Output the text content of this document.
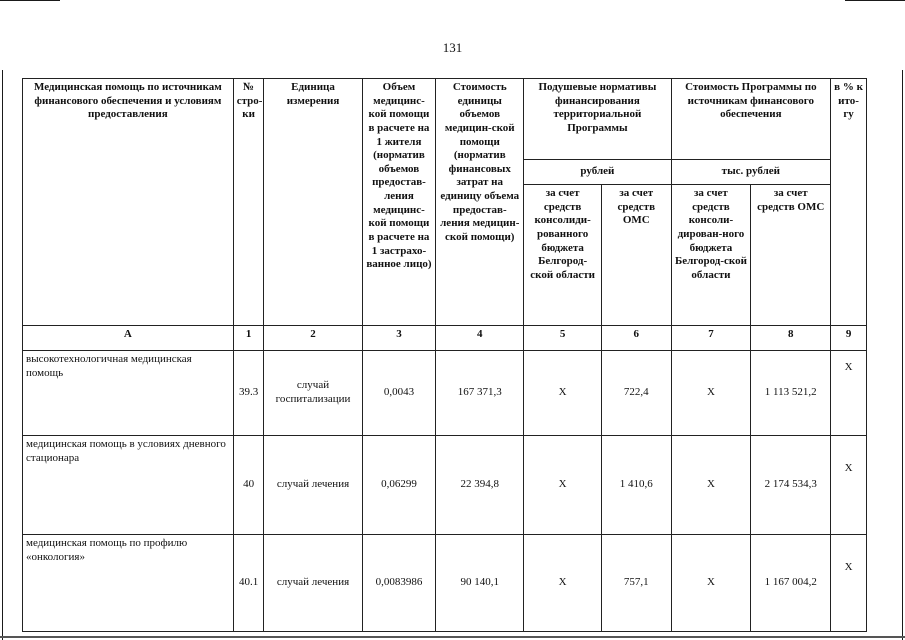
131
Медицинская помощь по источникам финансового обеспечения и условиям предоставления	№ стро-ки	Единица измерения	Объем медицинс-кой помощи в расчете на 1 жителя (норматив объемов предостав-ления медицинс-кой помощи в расчете на 1 застрахо-ванное лицо)	Стоимость единицы объемов медицин-ской помощи (норматив финансовых затрат на единицу объема предостав-ления медицин-ской помощи)	Подушевые нормативы финансирования территориальной Программы		Стоимость Программы по источникам финансового обеспечения		в % к ито-гу
					рублей		тыс. рублей		
					за счет средств консолиди-рованного бюджета Белгород-ской области	за счет средств ОМС	за счет средств консоли-дирован-ного бюджета Белгород-ской области	за счет средств ОМС	
А	1	2	3	4	5	6	7	8	9
высокотехнологичная медицинская помощь	39.3	случай госпитализации	0,0043	167 371,3	Х	722,4	Х	1 113 521,2	Х
медицинская помощь в условиях дневного стационара	40	случай лечения	0,06299	22 394,8	Х	1 410,6	Х	2 174 534,3	Х
медицинская помощь по профилю «онкология»	40.1	случай лечения	0,0083986	90 140,1	Х	757,1	Х	1 167 004,2	Х
